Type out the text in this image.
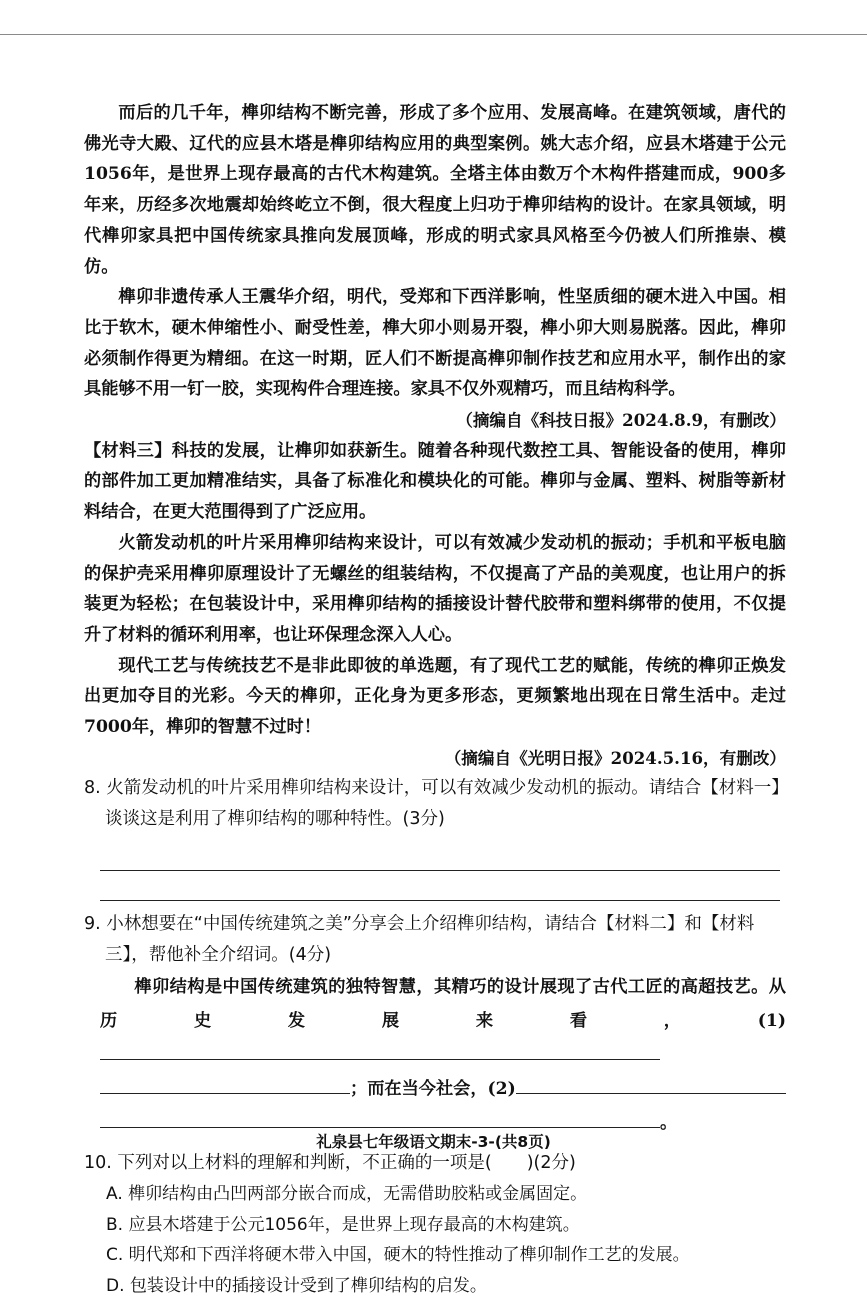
而后的几千年，榫卯结构不断完善，形成了多个应用、发展高峰。在建筑领域，唐代的佛光寺大殿、辽代的应县木塔是榫卯结构应用的典型案例。姚大志介绍，应县木塔建于公元1056年，是世界上现存最高的古代木构建筑。全塔主体由数万个木构件搭建而成，900多年来，历经多次地震却始终屹立不倒，很大程度上归功于榫卯结构的设计。在家具领域，明代榫卯家具把中国传统家具推向发展顶峰，形成的明式家具风格至今仍被人们所推崇、模仿。

榫卯非遗传承人王震华介绍，明代，受郑和下西洋影响，性坚质细的硬木进入中国。相比于软木，硬木伸缩性小、耐受性差，榫大卯小则易开裂，榫小卯大则易脱落。因此，榫卯必须制作得更为精细。在这一时期，匠人们不断提高榫卯制作技艺和应用水平，制作出的家具能够不用一钉一胶，实现构件合理连接。家具不仅外观精巧，而且结构科学。

（摘编自《科技日报》2024.8.9，有删改）

【材料三】科技的发展，让榫卯如获新生。随着各种现代数控工具、智能设备的使用，榫卯的部件加工更加精准结实，具备了标准化和模块化的可能。榫卯与金属、塑料、树脂等新材料结合，在更大范围得到了广泛应用。

火箭发动机的叶片采用榫卯结构来设计，可以有效减少发动机的振动；手机和平板电脑的保护壳采用榫卯原理设计了无螺丝的组装结构，不仅提高了产品的美观度，也让用户的拆装更为轻松；在包装设计中，采用榫卯结构的插接设计替代胶带和塑料绑带的使用，不仅提升了材料的循环利用率，也让环保理念深入人心。

现代工艺与传统技艺不是非此即彼的单选题，有了现代工艺的赋能，传统的榫卯正焕发出更加夺目的光彩。今天的榫卯，正化身为更多形态，更频繁地出现在日常生活中。走过7000年，榫卯的智慧不过时！

（摘编自《光明日报》2024.5.16，有删改）

8. 火箭发动机的叶片采用榫卯结构来设计，可以有效减少发动机的振动。请结合【材料一】谈谈这是利用了榫卯结构的哪种特性。(3分)

9. 小林想要在“中国传统建筑之美”分享会上介绍榫卯结构，请结合【材料二】和【材料三】，帮他补全介绍词。(4分)

榫卯结构是中国传统建筑的独特智慧，其精巧的设计展现了古代工匠的高超技艺。从历史发展来看，(1)

；而在当今社会，(2)

。

10. 下列对以上材料的理解和判断，不正确的一项是(　　)(2分)

A. 榫卯结构由凸凹两部分嵌合而成，无需借助胶粘或金属固定。

B. 应县木塔建于公元1056年，是世界上现存最高的木构建筑。

C. 明代郑和下西洋将硬木带入中国，硬木的特性推动了榫卯制作工艺的发展。

D. 包装设计中的插接设计受到了榫卯结构的启发。

礼泉县七年级语文期末-3-(共8页)
